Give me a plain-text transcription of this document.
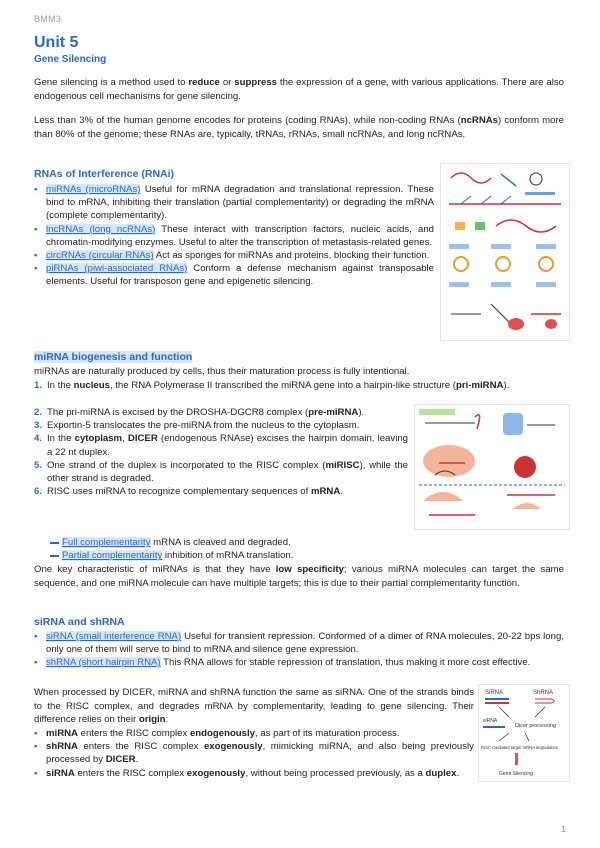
BMM3
Unit 5
Gene Silencing
Gene silencing is a method used to reduce or suppress the expression of a gene, with various applications. There are also endogenous cell mechanisms for gene silencing.
Less than 3% of the human genome encodes for proteins (coding RNAs), while non-coding RNAs (ncRNAs) conform more than 80% of the genome; these RNAs are, typically, tRNAs, rRNAs, small ncRNAs, and long ncRNAs.
RNAs of Interference (RNAi)
• miRNAs (microRNAs) Useful for mRNA degradation and translational repression. These bind to mRNA, inhibiting their translation (partial complementarity) or degrading the mRNA (complete complementarity).
• lncRNAs (long ncRNAs) These interact with transcription factors, nucleic acids, and chromatin-modifying enzymes. Useful to alter the transcription of metastasis-related genes.
• circRNAs (circular RNAs) Act as sponges for miRNAs and proteins, blocking their function.
• piRNAs (piwi-associated RNAs) Conform a defense mechanism against transposable elements. Useful for transposon gene and epigenetic silencing.
miRNA biogenesis and function
miRNAs are naturally produced by cells, thus their maturation process is fully intentional.
1. In the nucleus, the RNA Polymerase II transcribed the miRNA gene into a hairpin-like structure (pri-miRNA).
2. The pri-miRNA is excised by the DROSHA-DGCR8 complex (pre-miRNA).
3. Exportin-5 translocates the pre-miRNA from the nucleus to the cytoplasm.
4. In the cytoplasm, DICER (endogenous RNAse) excises the hairpin domain, leaving a 22 nt duplex.
5. One strand of the duplex is incorporated to the RISC complex (miRISC), while the other strand is degraded.
6. RISC uses miRNA to recognize complementary sequences of mRNA.
Full complementarity mRNA is cleaved and degraded.
Partial complementarity inhibition of mRNA translation.
One key characteristic of miRNAs is that they have low specificity; various miRNA molecules can target the same sequence, and one miRNA molecule can have multiple targets; this is due to their partial complementarity function.
siRNA and shRNA
• siRNA (small interference RNA) Useful for transient repression. Conformed of a dimer of RNA molecules, 20-22 bps long, only one of them will serve to bind to mRNA and silence gene expression.
• shRNA (short hairpin RNA) This RNA allows for stable repression of translation, thus making it more cost effective.
When processed by DICER, miRNA and shRNA function the same as siRNA. One of the strands binds to the RISC complex, and degrades mRNA by complementarity, leading to gene silencing. Their difference relies on their origin:
• miRNA enters the RISC complex endogenously, as part of its maturation process.
• shRNA enters the RISC complex exogenously, mimicking miRNA, and also being previously processed by DICER.
• siRNA enters the RISC complex exogenously, without being processed previously, as a duplex.
SiRNA	ShRNA
siRNA
Dicer processing
RISC-mediated target mRNA degradation
Gene Silencing
1
